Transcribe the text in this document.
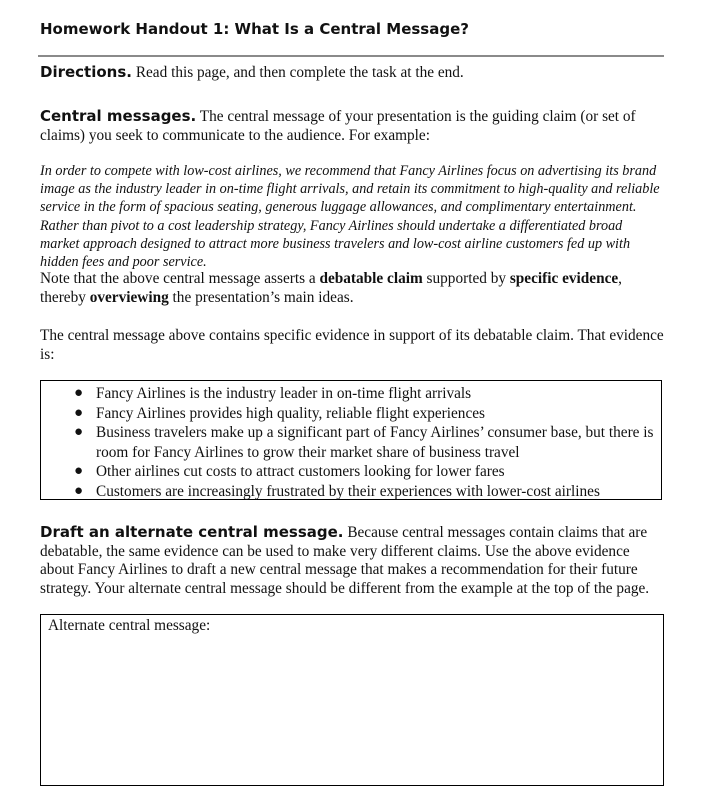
Homework Handout 1: What Is a Central Message?

Directions. Read this page, and then complete the task at the end.

Central messages. The central message of your presentation is the guiding claim (or set of claims) you seek to communicate to the audience. For example:

In order to compete with low-cost airlines, we recommend that Fancy Airlines focus on advertising its brand image as the industry leader in on-time flight arrivals, and retain its commitment to high-quality and reliable service in the form of spacious seating, generous luggage allowances, and complimentary entertainment. Rather than pivot to a cost leadership strategy, Fancy Airlines should undertake a differentiated broad market approach designed to attract more business travelers and low-cost airline customers fed up with hidden fees and poor service.

Note that the above central message asserts a debatable claim supported by specific evidence, thereby overviewing the presentation’s main ideas.

The central message above contains specific evidence in support of its debatable claim. That evidence is:

● Fancy Airlines is the industry leader in on-time flight arrivals
● Fancy Airlines provides high quality, reliable flight experiences
● Business travelers make up a significant part of Fancy Airlines’ consumer base, but there is room for Fancy Airlines to grow their market share of business travel
● Other airlines cut costs to attract customers looking for lower fares
● Customers are increasingly frustrated by their experiences with lower-cost airlines

Draft an alternate central message. Because central messages contain claims that are debatable, the same evidence can be used to make very different claims. Use the above evidence about Fancy Airlines to draft a new central message that makes a recommendation for their future strategy. Your alternate central message should be different from the example at the top of the page.

Alternate central message:
